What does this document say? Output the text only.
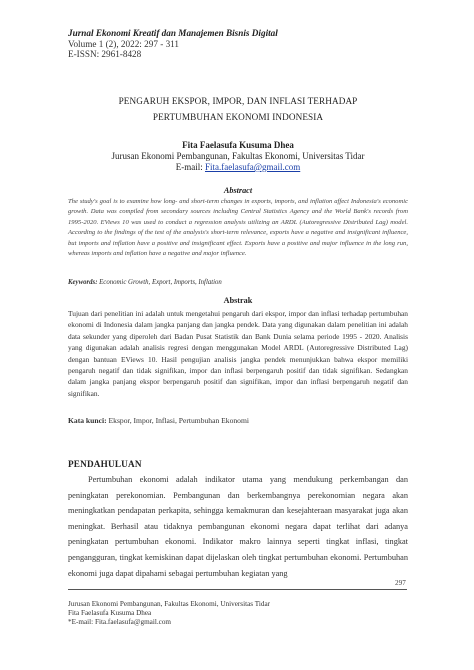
Jurnal Ekonomi Kreatif dan Manajemen Bisnis Digital
Volume 1 (2), 2022: 297 - 311
E-ISSN: 2961-8428
PENGARUH EKSPOR, IMPOR, DAN INFLASI TERHADAP
PERTUMBUHAN EKONOMI INDONESIA
Fita Faelasufa Kusuma Dhea
Jurusan Ekonomi Pembangunan, Fakultas Ekonomi, Universitas Tidar
E-mail: Fita.faelasufa@gmail.com
Abstract
The study's goal is to examine how long- and short-term changes in exports, imports, and inflation affect Indonesia's economic growth. Data was compiled from secondary sources including Central Statistics Agency and the World Bank's records from 1995-2020. EViews 10 was used to conduct a regression analysis utilizing an ARDL (Autoregressive Distributed Lag) model. According to the findings of the test of the analysis's short-term relevance, exports have a negative and insignificant influence, but imports and inflation have a positive and insignificant effect. Exports have a positive and major influence in the long run, whereas imports and inflation have a negative and major influence.
Keywords: Economic Growth, Export, Imports, Inflation
Abstrak
Tujuan dari penelitian ini adalah untuk mengetahui pengaruh dari ekspor, impor dan inflasi terhadap pertumbuhan ekonomi di Indonesia dalam jangka panjang dan jangka pendek. Data yang digunakan dalam penelitian ini adalah data sekunder yang diperoleh dari Badan Pusat Statistik dan Bank Dunia selama periode 1995 - 2020. Analisis yang digunakan adalah analisis regresi dengan menggunakan Model ARDL (Autoregressive Distributed Lag) dengan bantuan EViews 10. Hasil pengujian analisis jangka pendek menunjukkan bahwa ekspor memiliki pengaruh negatif dan tidak signifikan, impor dan inflasi berpengaruh positif dan tidak signifikan. Sedangkan dalam jangka panjang ekspor berpengaruh positif dan signifikan, impor dan inflasi berpengaruh negatif dan signifikan.
Kata kunci: Ekspor, Impor, Inflasi, Pertumbuhan Ekonomi
PENDAHULUAN
Pertumbuhan ekonomi adalah indikator utama yang mendukung perkembangan dan peningkatan perekonomian. Pembangunan dan berkembangnya perekonomian negara akan meningkatkan pendapatan perkapita, sehingga kemakmuran dan kesejahteraan masyarakat juga akan meningkat. Berhasil atau tidaknya pembangunan ekonomi negara dapat terlihat dari adanya peningkatan pertumbuhan ekonomi. Indikator makro lainnya seperti tingkat inflasi, tingkat pengangguran, tingkat kemiskinan dapat dijelaskan oleh tingkat pertumbuhan ekonomi. Pertumbuhan ekonomi juga dapat dipahami sebagai pertumbuhan kegiatan yang
297
Jurusan Ekonomi Pembangunan, Fakultas Ekonomi, Universitas Tidar
Fita Faelasufa Kusuma Dhea
*E-mail: Fita.faelasufa@gmail.com
